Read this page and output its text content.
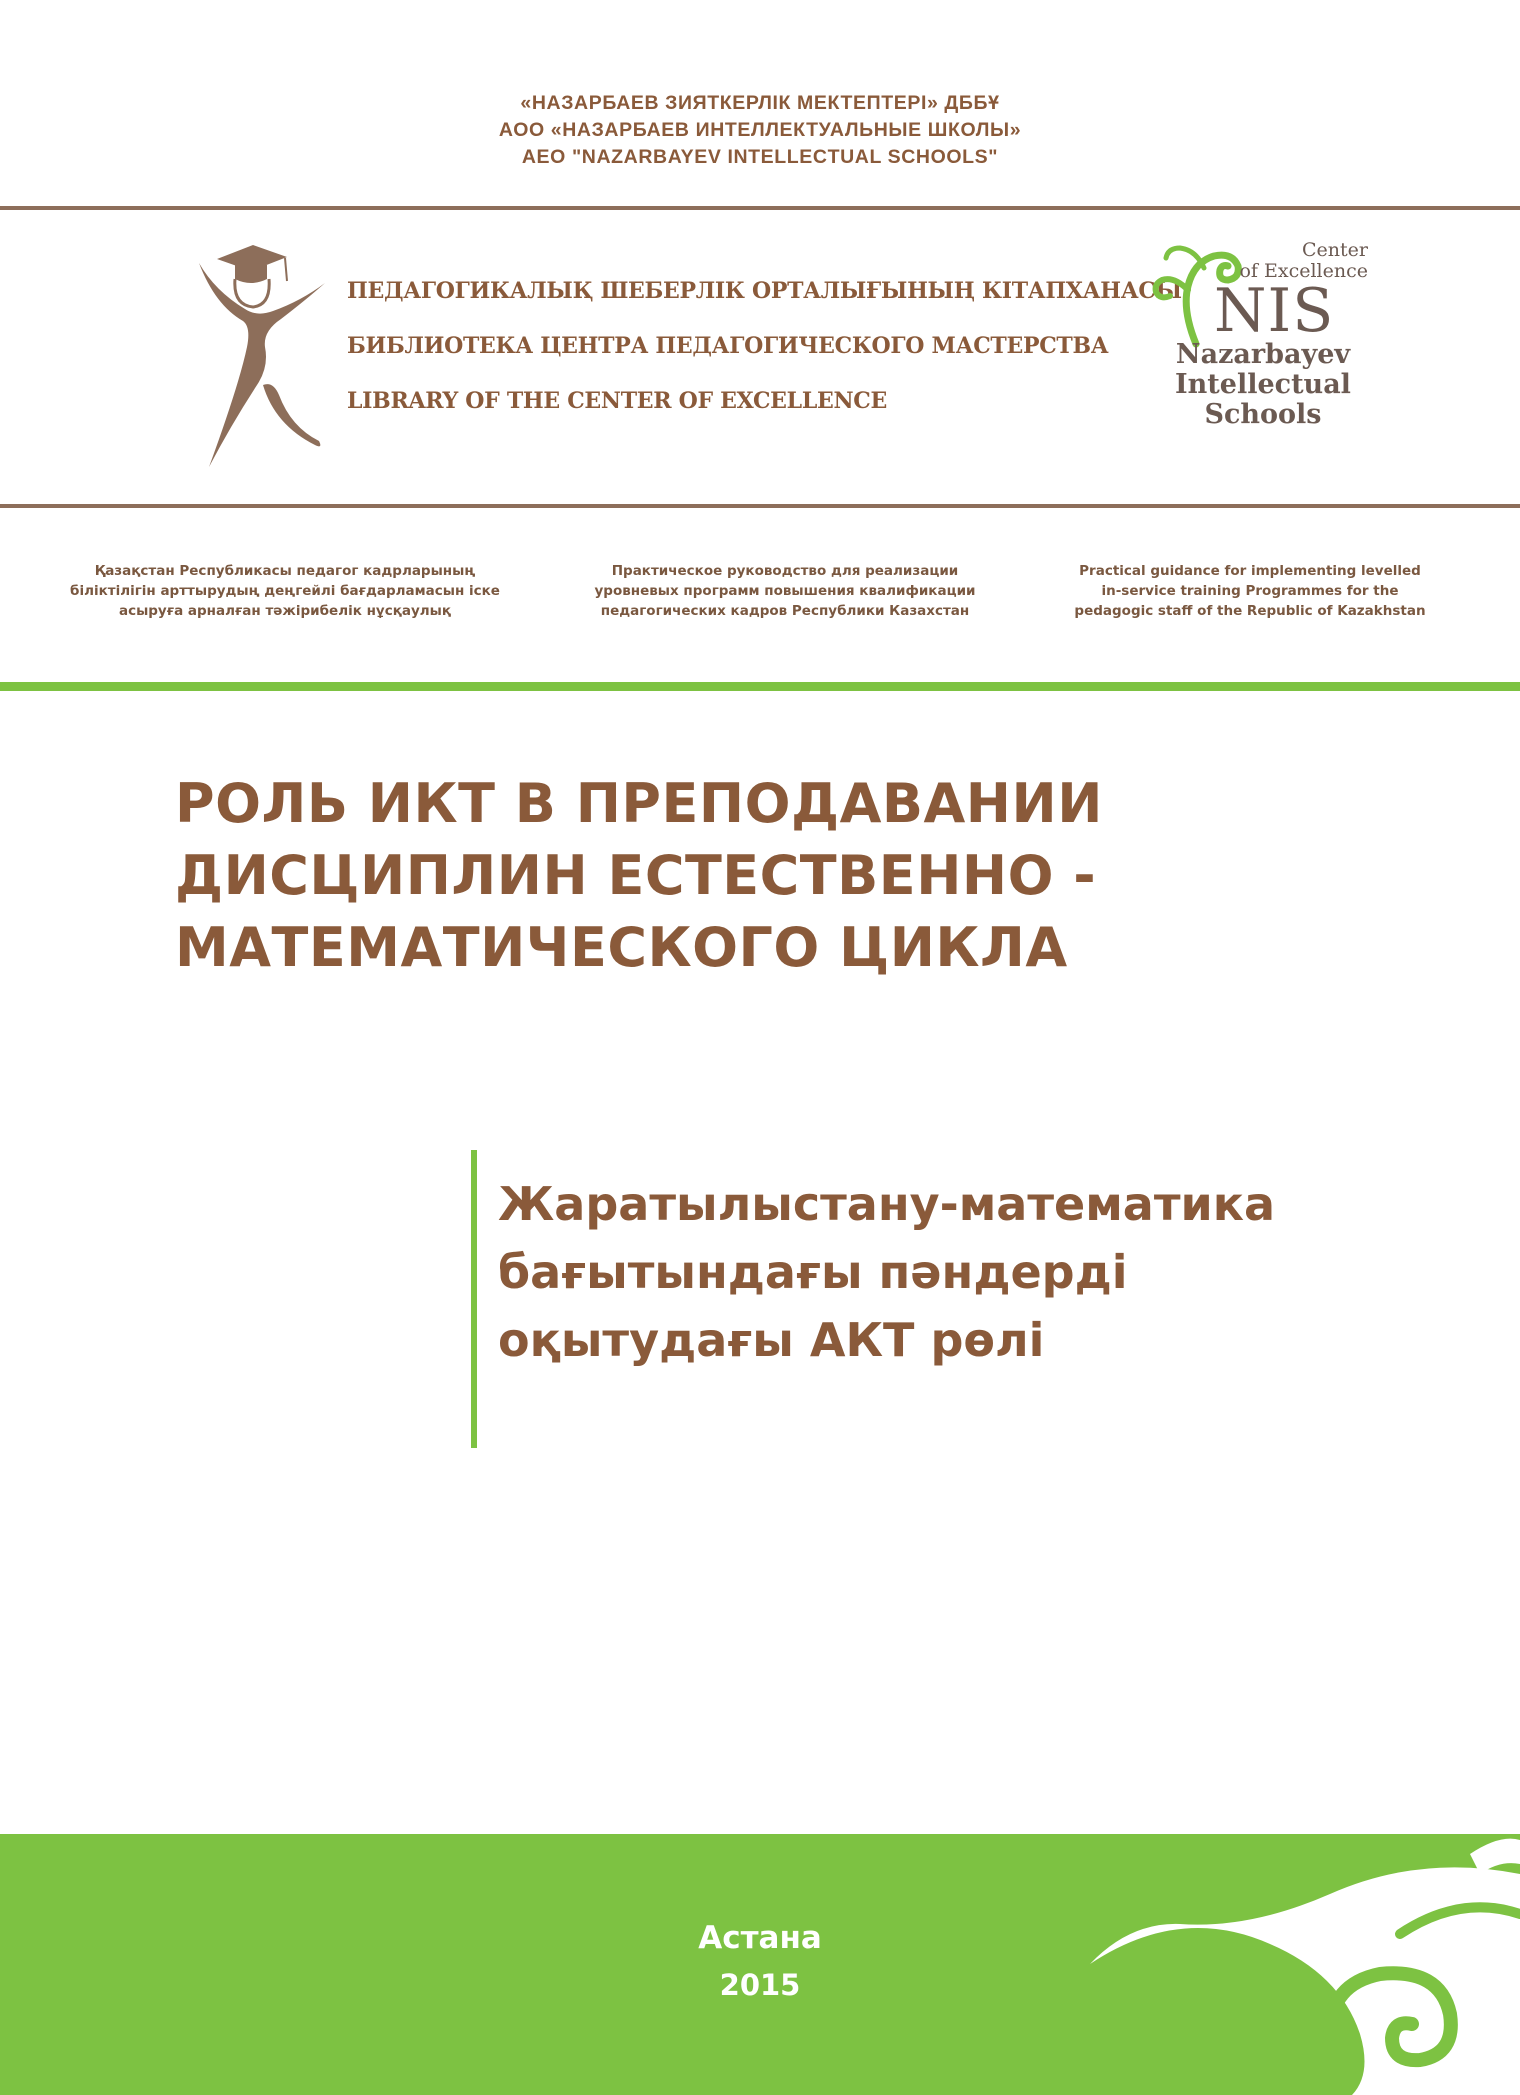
«НАЗАРБАЕВ ЗИЯТКЕРЛІК МЕКТЕПТЕРІ» ДББҰ
АОО «НАЗАРБАЕВ ИНТЕЛЛЕКТУАЛЬНЫЕ ШКОЛЫ»
AEO "NAZARBAYEV INTELLECTUAL SCHOOLS"
ПЕДАГОГИКАЛЫҚ ШЕБЕРЛІК ОРТАЛЫҒЫНЫҢ КІТАПХАНАСЫ
БИБЛИОТЕКА ЦЕНТРА ПЕДАГОГИЧЕСКОГО МАСТЕРСТВА
LIBRARY OF THE CENTER OF EXCELLENCE
Center
of Excellence
NIS
Nazarbayev
Intellectual
Schools
Қазақстан Республикасы педагог кадрларының
біліктілігін арттырудың деңгейлі бағдарламасын іске
асыруға арналған тәжірибелік нұсқаулық
Практическое руководство для реализации
уровневых программ повышения квалификации
педагогических кадров Республики Казахстан
Practical guidance for implementing levelled
in-service training Programmes for the
pedagogic staff of the Republic of Kazakhstan
РОЛЬ ИКТ В ПРЕПОДАВАНИИ
ДИСЦИПЛИН ЕСТЕСТВЕННО -
МАТЕМАТИЧЕСКОГО ЦИКЛА
Жаратылыстану-математика
бағытындағы пәндерді
оқытудағы АКТ рөлі
Астана
2015
